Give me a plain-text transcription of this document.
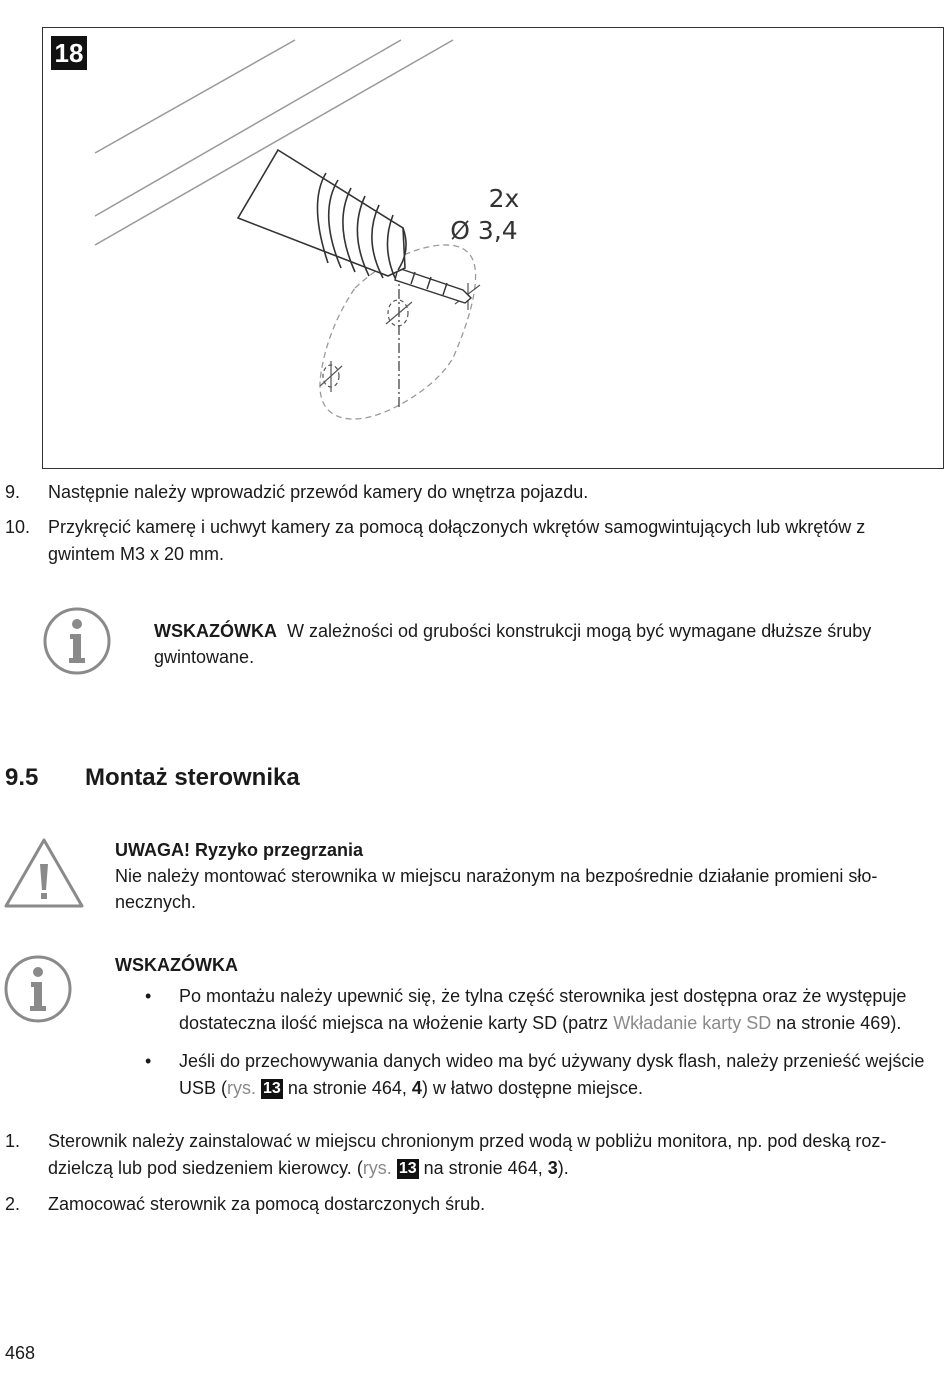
18
2x
Ø 3,4
9. Następnie należy wprowadzić przewód kamery do wnętrza pojazdu.
10. Przykręcić kamerę i uchwyt kamery za pomocą dołączonych wkrętów samogwintujących lub wkrętów z gwintem M3 x 20 mm.
WSKAZÓWKA W zależności od grubości konstrukcji mogą być wymagane dłuższe śruby gwintowane.
9.5 Montaż sterownika
UWAGA! Ryzyko przegrzania
Nie należy montować sterownika w miejscu narażonym na bezpośrednie działanie promieni słonecznych.
WSKAZÓWKA
• Po montażu należy upewnić się, że tylna część sterownika jest dostępna oraz że występuje dostateczna ilość miejsca na włożenie karty SD (patrz Wkładanie karty SD na stronie 469).
• Jeśli do przechowywania danych wideo ma być używany dysk flash, należy przenieść wejście USB (rys. 13 na stronie 464, 4) w łatwo dostępne miejsce.
1. Sterownik należy zainstalować w miejscu chronionym przed wodą w pobliżu monitora, np. pod deską rozdzielczą lub pod siedzeniem kierowcy. (rys. 13 na stronie 464, 3).
2. Zamocować sterownik za pomocą dostarczonych śrub.
468
